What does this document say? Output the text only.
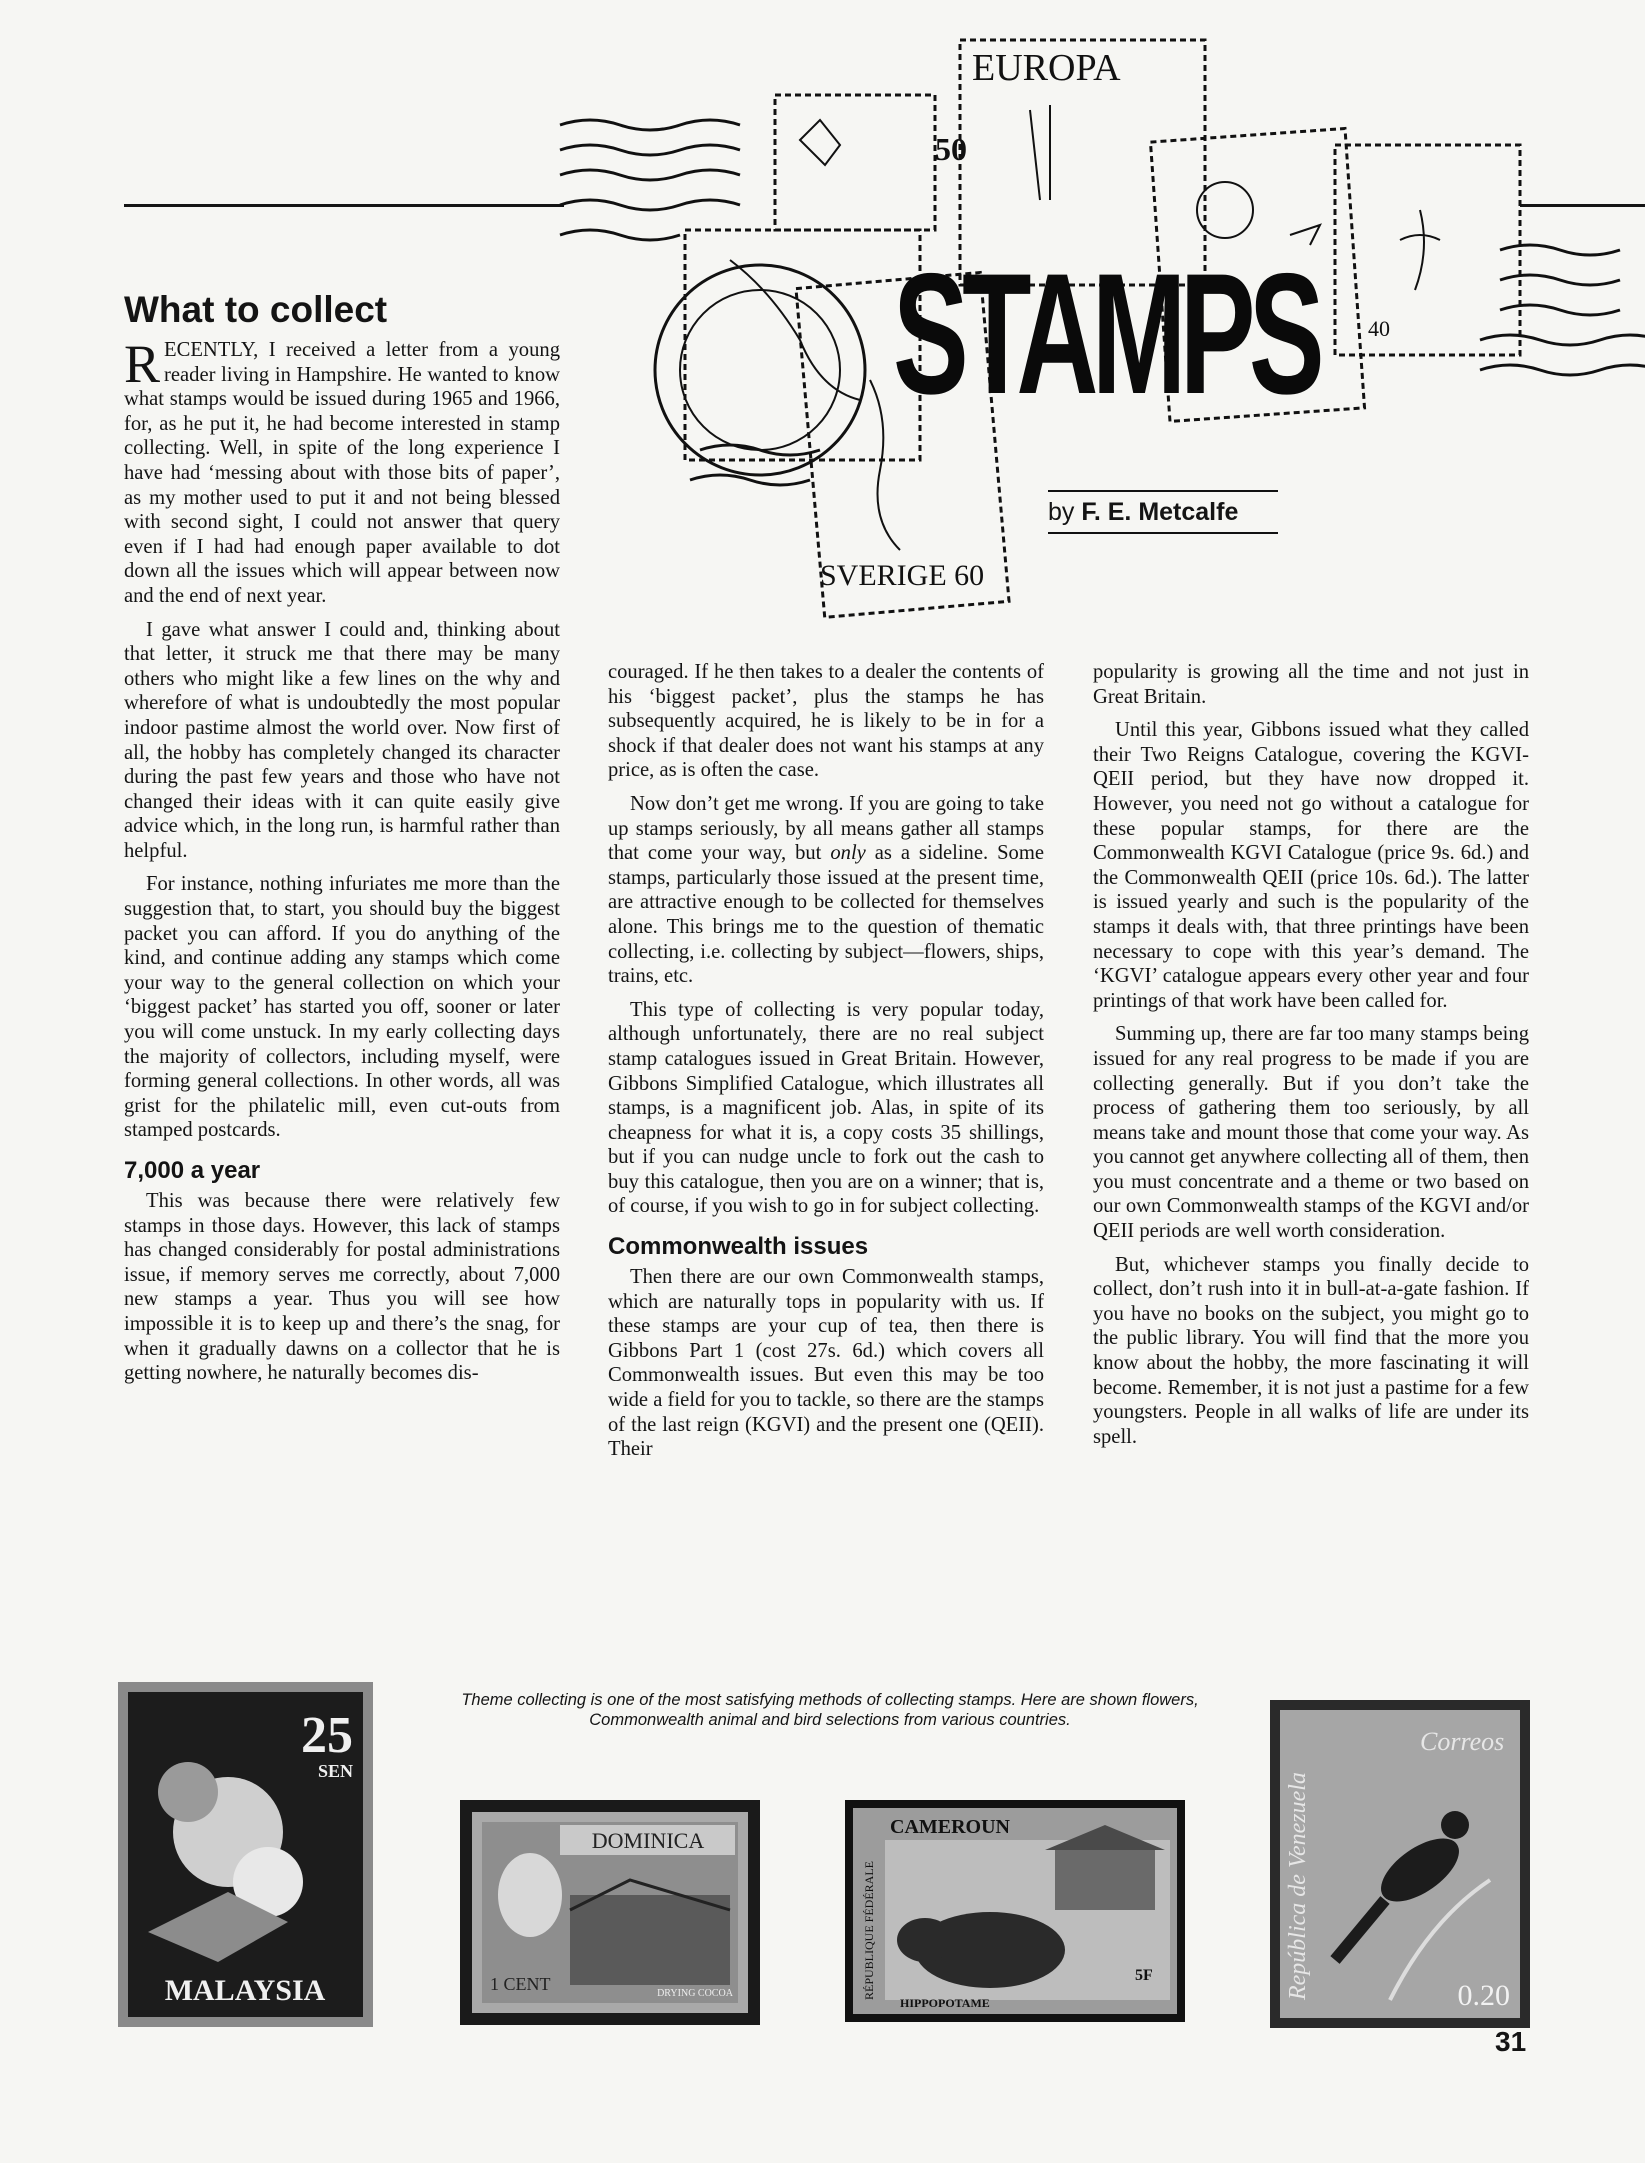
EUROPA
50
SVERIGE 60
40
STAMPS
by F. E. Metcalfe
What to collect

RECENTLY, I received a letter from a young reader living in Hampshire. He wanted to know what stamps would be issued during 1965 and 1966, for, as he put it, he had become interested in stamp collecting. Well, in spite of the long experience I have had ‘messing about with those bits of paper’, as my mother used to put it and not being blessed with second sight, I could not answer that query even if I had had enough paper available to dot down all the issues which will appear between now and the end of next year.

I gave what answer I could and, thinking about that letter, it struck me that there may be many others who might like a few lines on the why and wherefore of what is undoubtedly the most popular indoor pastime almost the world over. Now first of all, the hobby has completely changed its character during the past few years and those who have not changed their ideas with it can quite easily give advice which, in the long run, is harmful rather than helpful.

For instance, nothing infuriates me more than the suggestion that, to start, you should buy the biggest packet you can afford. If you do anything of the kind, and continue adding any stamps which come your way to the general collection on which your ‘biggest packet’ has started you off, sooner or later you will come unstuck. In my early collecting days the majority of collectors, including myself, were forming general collections. In other words, all was grist for the philatelic mill, even cut-outs from stamped postcards.

7,000 a year

This was because there were relatively few stamps in those days. However, this lack of stamps has changed considerably for postal administrations issue, if memory serves me correctly, about 7,000 new stamps a year. Thus you will see how impossible it is to keep up and there’s the snag, for when it gradually dawns on a collector that he is getting nowhere, he naturally becomes dis-

couraged. If he then takes to a dealer the contents of his ‘biggest packet’, plus the stamps he has subsequently acquired, he is likely to be in for a shock if that dealer does not want his stamps at any price, as is often the case.

Now don’t get me wrong. If you are going to take up stamps seriously, by all means gather all stamps that come your way, but only as a sideline. Some stamps, particularly those issued at the present time, are attractive enough to be collected for themselves alone. This brings me to the question of thematic collecting, i.e. collecting by subject—flowers, ships, trains, etc.

This type of collecting is very popular today, although unfortunately, there are no real subject stamp catalogues issued in Great Britain. However, Gibbons Simplified Catalogue, which illustrates all stamps, is a magnificent job. Alas, in spite of its cheapness for what it is, a copy costs 35 shillings, but if you can nudge uncle to fork out the cash to buy this catalogue, then you are on a winner; that is, of course, if you wish to go in for subject collecting.

Commonwealth issues

Then there are our own Commonwealth stamps, which are naturally tops in popularity with us. If these stamps are your cup of tea, then there is Gibbons Part 1 (cost 27s. 6d.) which covers all Commonwealth issues. But even this may be too wide a field for you to tackle, so there are the stamps of the last reign (KGVI) and the present one (QEII). Their

popularity is growing all the time and not just in Great Britain.

Until this year, Gibbons issued what they called their Two Reigns Catalogue, covering the KGVI-QEII period, but they have now dropped it. However, you need not go without a catalogue for these popular stamps, for there are the Commonwealth KGVI Catalogue (price 9s. 6d.) and the Commonwealth QEII (price 10s. 6d.). The latter is issued yearly and such is the popularity of the stamps it deals with, that three printings have been necessary to cope with this year’s demand. The ‘KGVI’ catalogue appears every other year and four printings of that work have been called for.

Summing up, there are far too many stamps being issued for any real progress to be made if you are collecting generally. But if you don’t take the process of gathering them too seriously, by all means take and mount those that come your way. As you cannot get anywhere collecting all of them, then you must concentrate and a theme or two based on our own Commonwealth stamps of the KGVI and/or QEII periods are well worth consideration.

But, whichever stamps you finally decide to collect, don’t rush into it in bull-at-a-gate fashion. If you have no books on the subject, you might go to the public library. You will find that the more you know about the hobby, the more fascinating it will become. Remember, it is not just a pastime for a few youngsters. People in all walks of life are under its spell.

Theme collecting is one of the most satisfying methods of collecting stamps. Here are shown flowers, Commonwealth animal and bird selections from various countries.
25
SEN
MALAYSIA
DOMINICA
1 CENT	DRYING COCOA
CAMEROUN
RÉPUBLIQUE FÉDÉRALE	5F
HIPPOPOTAME
República de Venezuela
Correos
0.20
31
